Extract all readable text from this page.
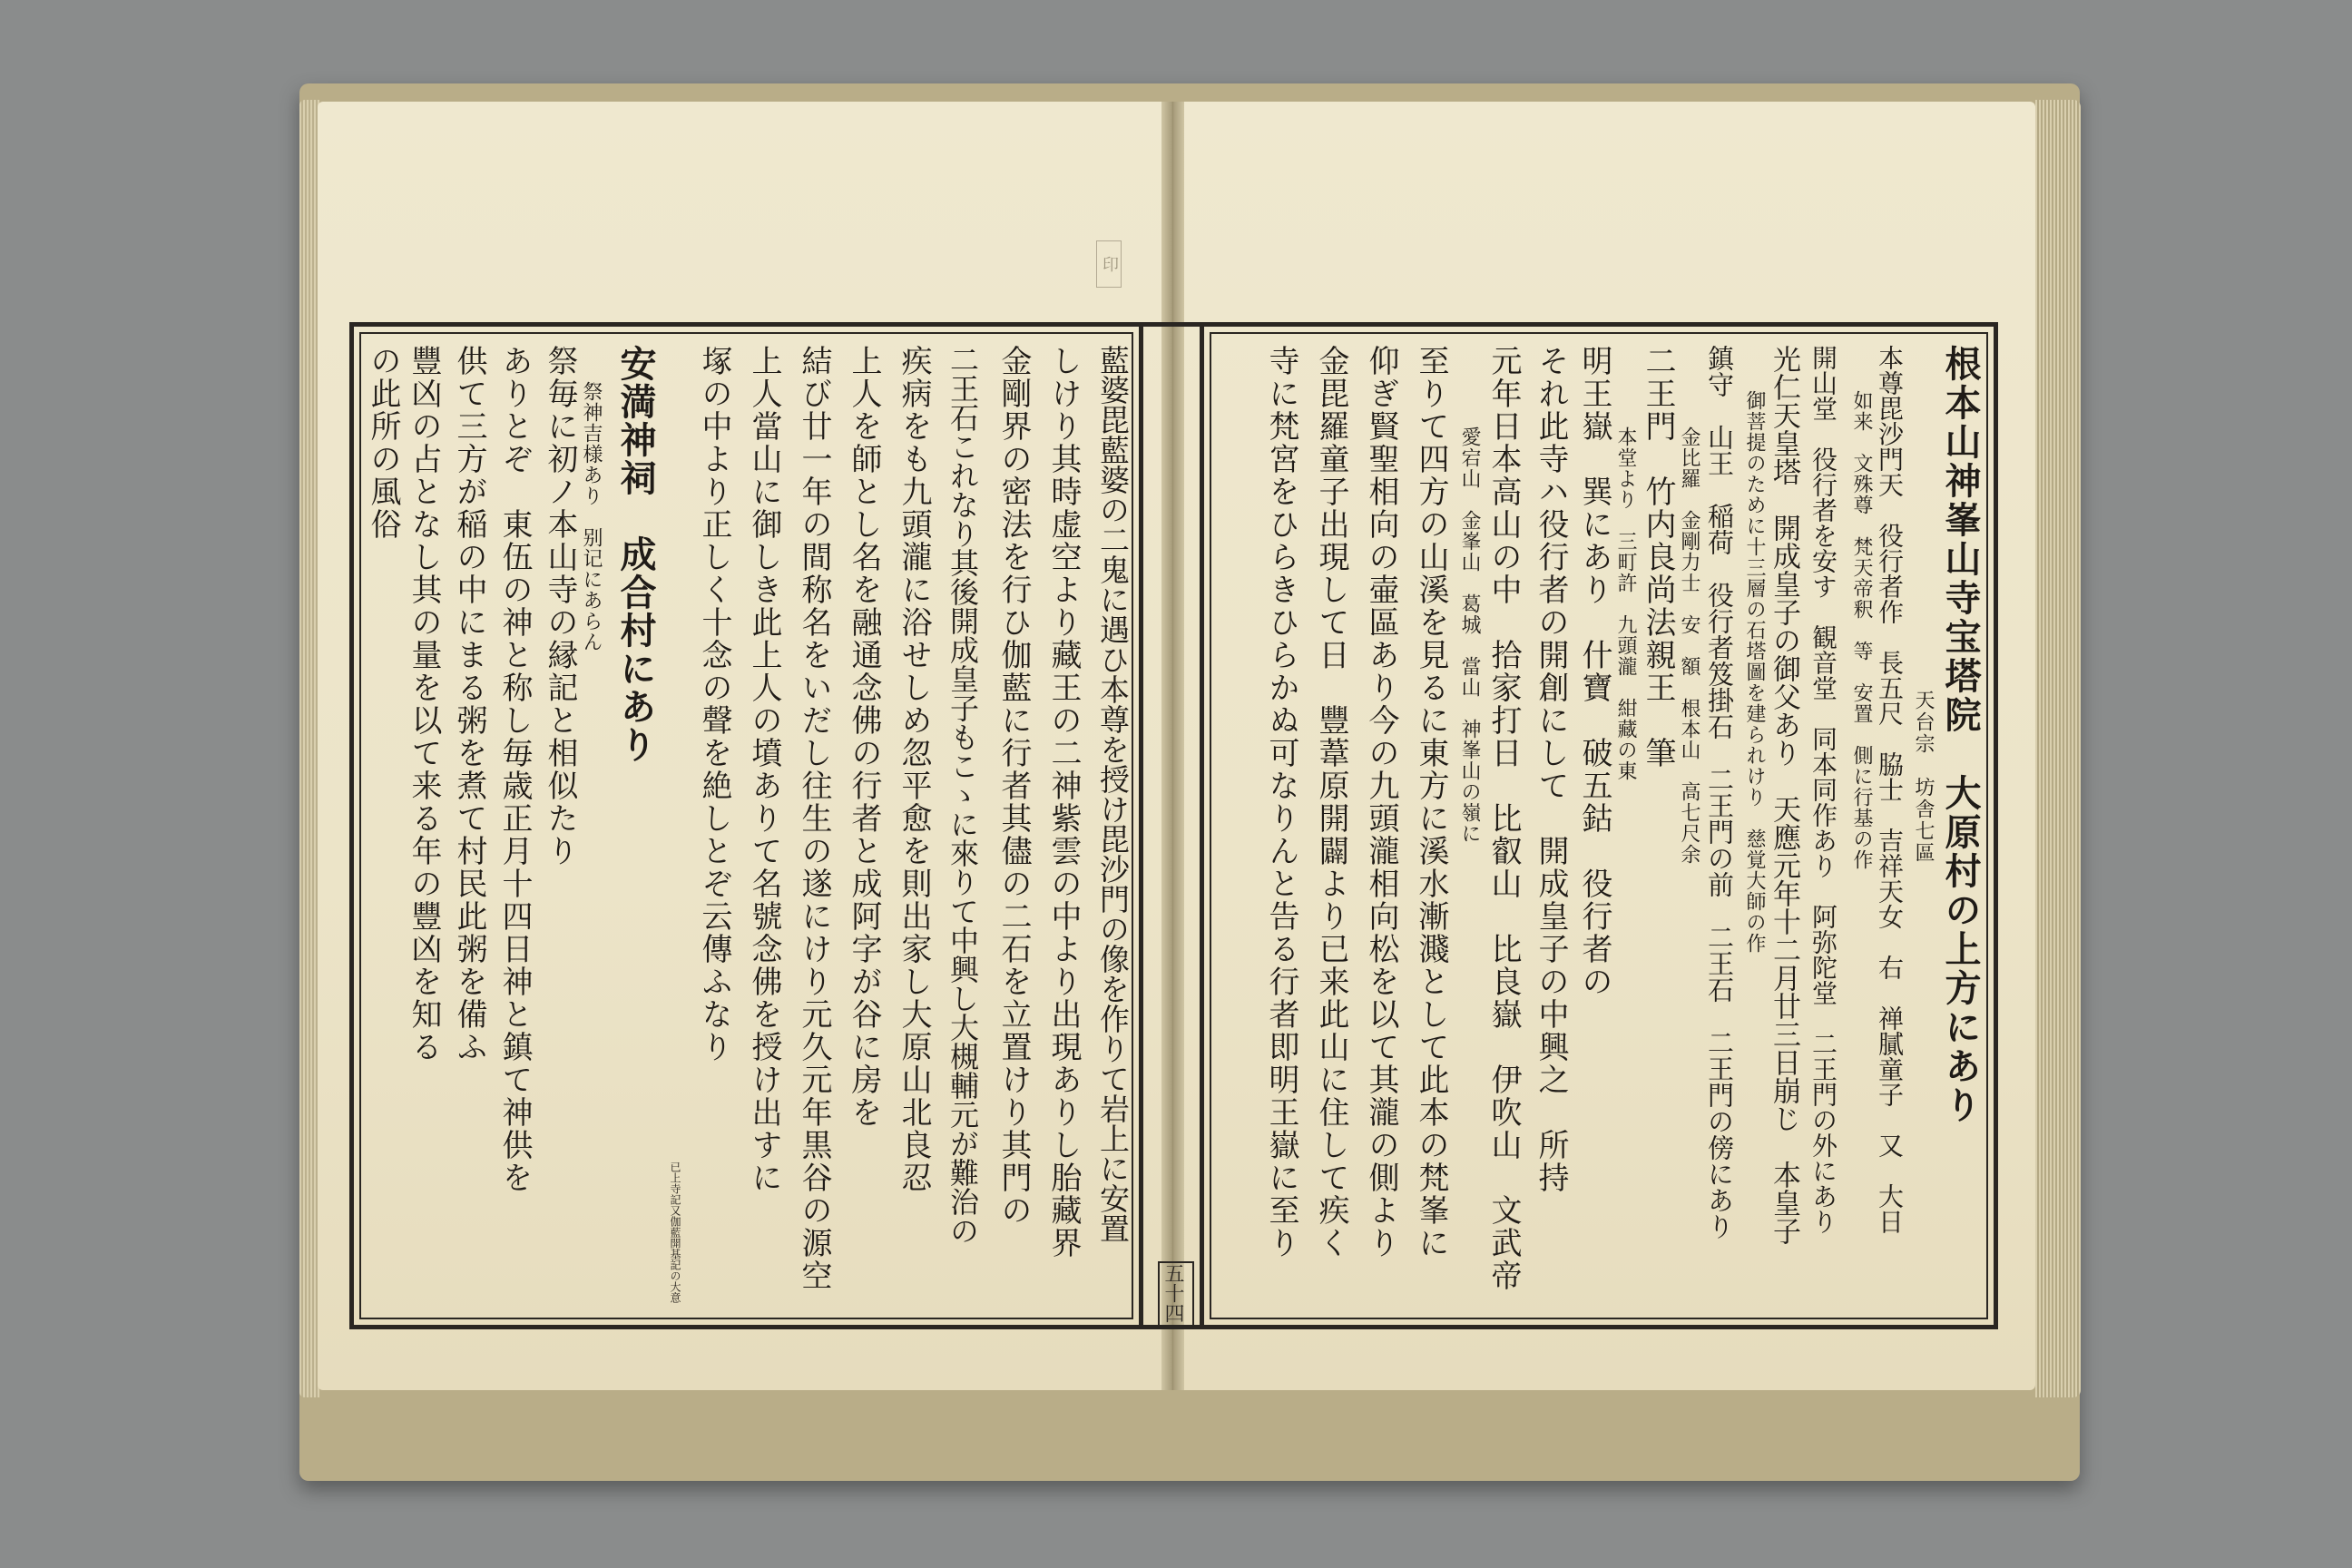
印
五十四
根本山神峯山寺宝塔院　大原村の上方にあり
天台宗　坊舎七區
本尊毘沙門天　役行者作　長五尺　脇士　吉祥天女　右　禅膩童子　又　大日
如来　文殊尊　梵天帝釈　等　安置　側に行基の作
開山堂　役行者を安す　観音堂　同本同作あり　阿弥陀堂　二王門の外にあり
光仁天皇塔　開成皇子の御父あり　天應元年十二月廿三日崩じ　本皇子
御菩提のために十三層の石塔圖を建られけり　慈覚大師の作
鎮守　山王　稲荷　役行者笈掛石　二王門の前　二王石　二王門の傍にあり
金比羅　金剛力士　安　額　根本山　高七尺余
二王門　竹内良尚法親王　筆
本堂より　三町許　九頭瀧　紺藏の東
明王嶽　巽にあり　什寶　破五鈷　役行者の
それ此寺ハ役行者の開創にして　開成皇子の中興之　所持
元年日本高山の中　拾家打日　比叡山　比良嶽　伊吹山　文武帝
愛宕山　金峯山　葛城　當山　神峯山の嶺に
至りて四方の山溪を見るに東方に溪水漸濺として此本の梵峯に
仰ぎ賢聖相向の壷區あり今の九頭瀧相向松を以て其瀧の側より
金毘羅童子出現して日　豐葦原開闢より已来此山に住して疾く
寺に梵宮をひらきひらかぬ可なりんと告る行者即明王嶽に至り
藍婆毘藍婆の二鬼に遇ひ本尊を授け毘沙門の像を作りて岩上に安置
しけり其時虚空より藏王の二神紫雲の中より出現ありし胎藏界
金剛界の密法を行ひ伽藍に行者其儘の二石を立置けり其門の
二王石これなり其後開成皇子もこゝに來りて中興し大槻輔元が難治の
疾病をも九頭瀧に浴せしめ忽平愈を則出家し大原山北良忍
上人を師とし名を融通念佛の行者と成阿字が谷に房を
結び廿一年の間称名をいだし往生の遂にけり元久元年黒谷の源空
上人當山に御しき此上人の墳ありて名號念佛を授け出すに
塚の中より正しく十念の聲を絶しとぞ云傳ふなり
已上寺記又伽藍開基記の大意
安満神祠　成合村にあり
祭神吉様あり　别记にあらん
祭毎に初ノ本山寺の縁記と相似たり
ありとぞ　東伍の神と称し毎歳正月十四日神と鎮て神供を
供て三方が稲の中にまる粥を煮て村民此粥を備ふ
豐凶の占となし其の量を以て来る年の豐凶を知る
の此所の風俗
